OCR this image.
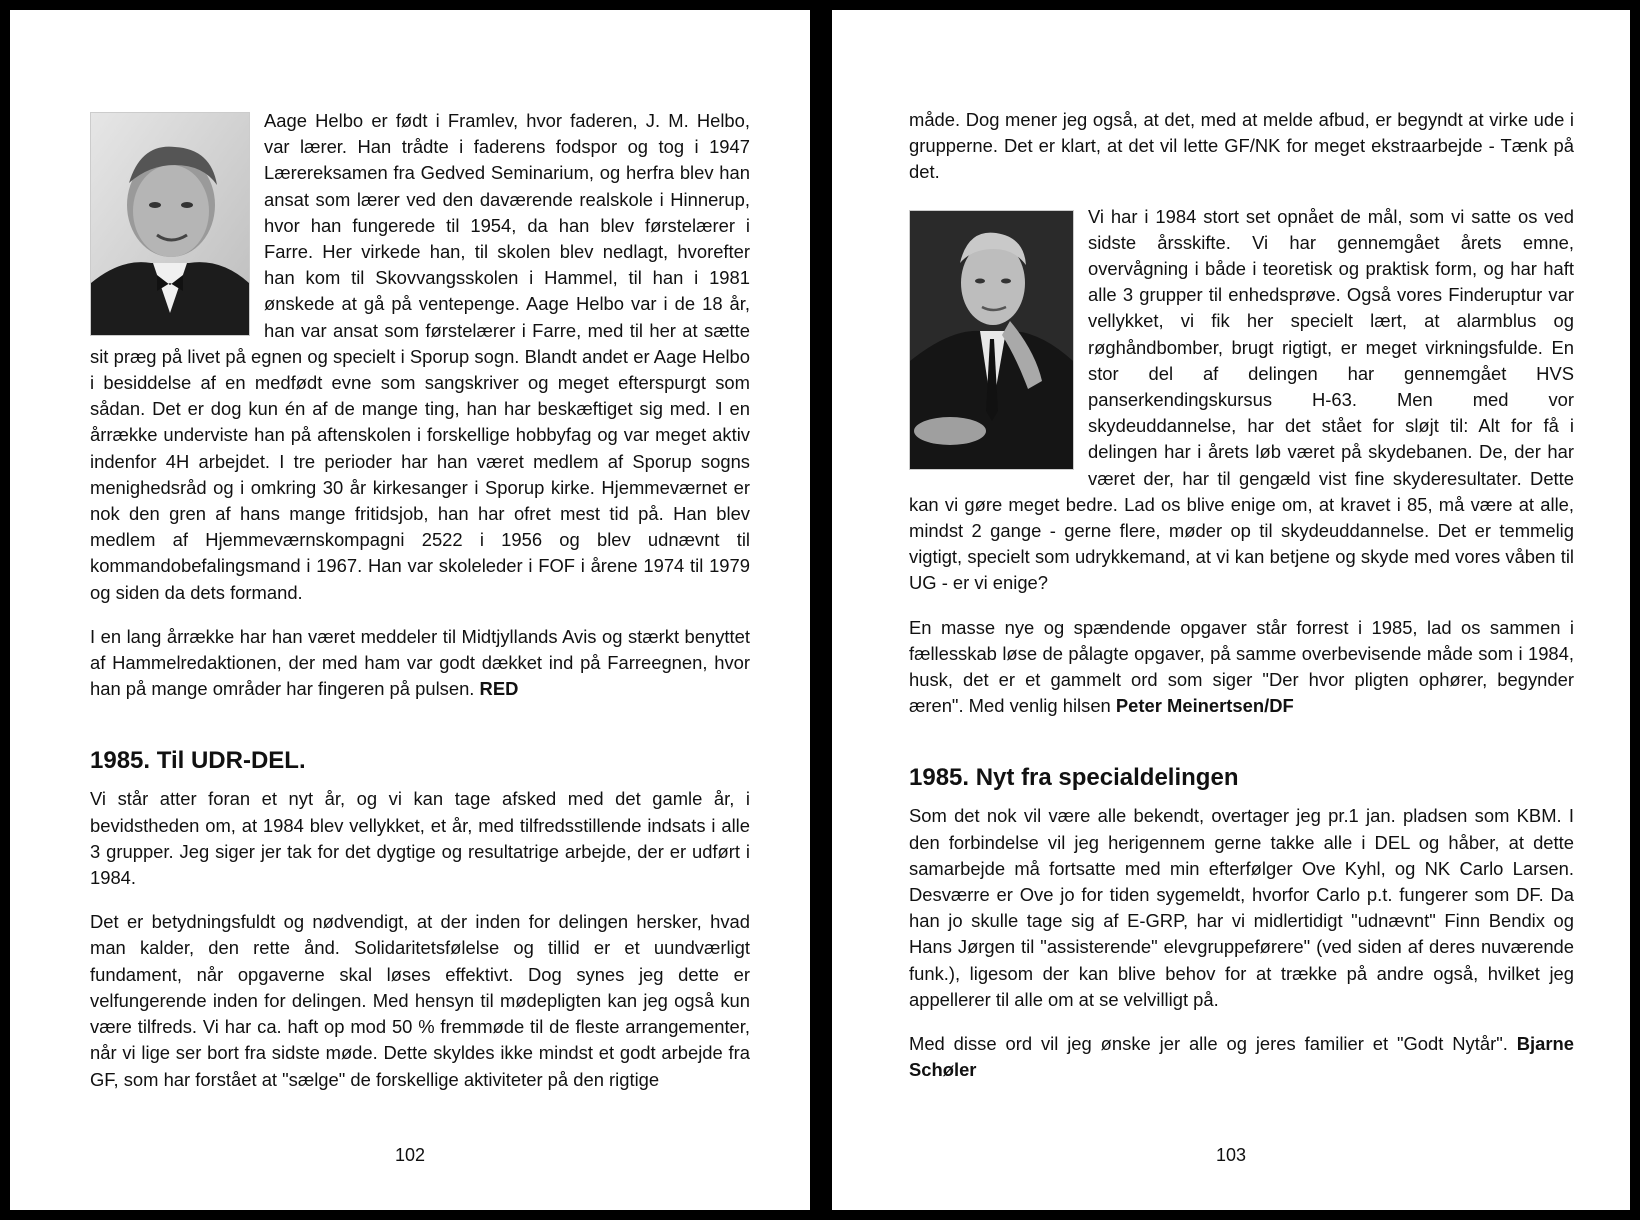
Aage Helbo er født i Framlev, hvor faderen, J. M. Helbo, var lærer. Han trådte i faderens fodspor og tog i 1947 Lærereksamen fra Gedved Seminarium, og herfra blev han ansat som lærer ved den daværende realskole i Hinnerup, hvor han fungerede til 1954, da han blev førstelærer i Farre. Her virkede han, til skolen blev nedlagt, hvorefter han kom til Skovvangsskolen i Hammel, til han i 1981 ønskede at gå på ventepenge. Aage Helbo var i de 18 år, han var ansat som førstelærer i Farre, med til her at sætte sit præg på livet på egnen og specielt i Sporup sogn. Blandt andet er Aage Helbo i besiddelse af en medfødt evne som sangskriver og meget efterspurgt som sådan. Det er dog kun én af de mange ting, han har beskæftiget sig med. I en årrække underviste han på aftenskolen i forskellige hobbyfag og var meget aktiv indenfor 4H arbejdet. I tre perioder har han været medlem af Sporup sogns menighedsråd og i omkring 30 år kirkesanger i Sporup kirke. Hjemmeværnet er nok den gren af hans mange fritidsjob, han har ofret mest tid på. Han blev medlem af Hjemmeværnskompagni 2522 i 1956 og blev udnævnt til kommandobefalingsmand i 1967. Han var skoleleder i FOF i årene 1974 til 1979 og siden da dets formand.

I en lang årrække har han været meddeler til Midtjyllands Avis og stærkt benyttet af Hammelredaktionen, der med ham var godt dækket ind på Farreegnen, hvor han på mange områder har fingeren på pulsen. RED

1985. Til UDR-DEL.

Vi står atter foran et nyt år, og vi kan tage afsked med det gamle år, i bevidstheden om, at 1984 blev vellykket, et år, med tilfredsstillende indsats i alle 3 grupper. Jeg siger jer tak for det dygtige og resultatrige arbejde, der er udført i 1984.

Det er betydningsfuldt og nødvendigt, at der inden for delingen hersker, hvad man kalder, den rette ånd. Solidaritetsfølelse og tillid er et uundværligt fundament, når opgaverne skal løses effektivt. Dog synes jeg dette er velfungerende inden for delingen. Med hensyn til mødepligten kan jeg også kun være tilfreds. Vi har ca. haft op mod 50 % fremmøde til de fleste arrangementer, når vi lige ser bort fra sidste møde. Dette skyldes ikke mindst et godt arbejde fra GF, som har forstået at "sælge" de forskellige aktiviteter på den rigtige

102

måde. Dog mener jeg også, at det, med at melde afbud, er begyndt at virke ude i grupperne. Det er klart, at det vil lette GF/NK for meget ekstraarbejde - Tænk på det.

Vi har i 1984 stort set opnået de mål, som vi satte os ved sidste årsskifte. Vi har gennemgået årets emne, overvågning i både i teoretisk og praktisk form, og har haft alle 3 grupper til enhedsprøve. Også vores Finderuptur var vellykket, vi fik her specielt lært, at alarmblus og røghåndbomber, brugt rigtigt, er meget virkningsfulde. En stor del af delingen har gennemgået HVS panserkendingskursus H-63. Men med vor skydeuddannelse, har det stået for sløjt til: Alt for få i delingen har i årets løb været på skydebanen. De, der har været der, har til gengæld vist fine skyderesultater. Dette kan vi gøre meget bedre. Lad os blive enige om, at kravet i 85, må være at alle, mindst 2 gange - gerne flere, møder op til skydeuddannelse. Det er temmelig vigtigt, specielt som udrykkemand, at vi kan betjene og skyde med vores våben til UG - er vi enige?

En masse nye og spændende opgaver står forrest i 1985, lad os sammen i fællesskab løse de pålagte opgaver, på samme overbevisende måde som i 1984, husk, det er et gammelt ord som siger "Der hvor pligten ophører, begynder æren". Med venlig hilsen Peter Meinertsen/DF

1985. Nyt fra specialdelingen

Som det nok vil være alle bekendt, overtager jeg pr.1 jan. pladsen som KBM. I den forbindelse vil jeg herigennem gerne takke alle i DEL og håber, at dette samarbejde må fortsatte med min efterfølger Ove Kyhl, og NK Carlo Larsen. Desværre er Ove jo for tiden sygemeldt, hvorfor Carlo p.t. fungerer som DF. Da han jo skulle tage sig af E-GRP, har vi midlertidigt "udnævnt" Finn Bendix og Hans Jørgen til "assisterende" elevgruppeførere" (ved siden af deres nuværende funk.), ligesom der kan blive behov for at trække på andre også, hvilket jeg appellerer til alle om at se velvilligt på.

Med disse ord vil jeg ønske jer alle og jeres familier et "Godt Nytår". Bjarne Schøler

103
